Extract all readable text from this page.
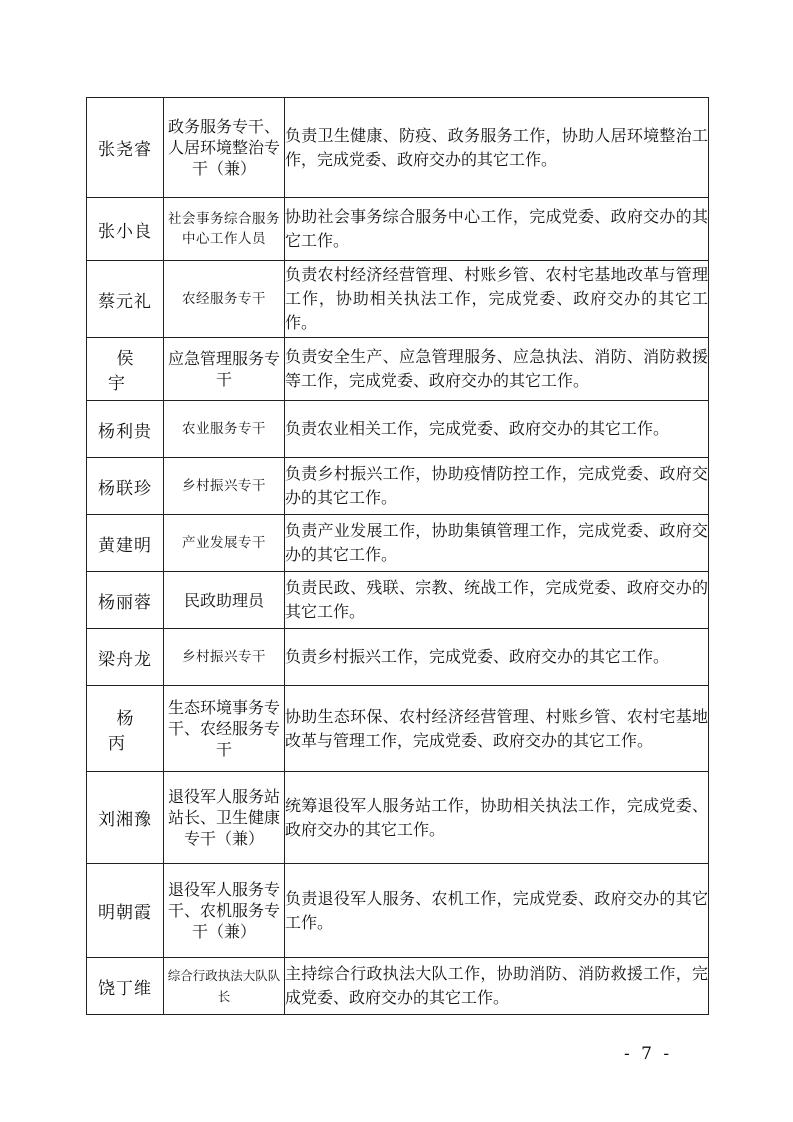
张尧睿	政务服务专干、人居环境整治专干（兼）	负责卫生健康、防疫、政务服务工作，协助人居环境整治工作，完成党委、政府交办的其它工作。
张小良	社会事务综合服务中心工作人员	协助社会事务综合服务中心工作，完成党委、政府交办的其它工作。
蔡元礼	农经服务专干	负责农村经济经营管理、村账乡管、农村宅基地改革与管理工作，协助相关执法工作，完成党委、政府交办的其它工作。
侯宇	应急管理服务专干	负责安全生产、应急管理服务、应急执法、消防、消防救援等工作，完成党委、政府交办的其它工作。
杨利贵	农业服务专干	负责农业相关工作，完成党委、政府交办的其它工作。
杨联珍	乡村振兴专干	负责乡村振兴工作，协助疫情防控工作，完成党委、政府交办的其它工作。
黄建明	产业发展专干	负责产业发展工作，协助集镇管理工作，完成党委、政府交办的其它工作。
杨丽蓉	民政助理员	负责民政、残联、宗教、统战工作，完成党委、政府交办的其它工作。
梁舟龙	乡村振兴专干	负责乡村振兴工作，完成党委、政府交办的其它工作。
杨丙	生态环境事务专干、农经服务专干	协助生态环保、农村经济经营管理、村账乡管、农村宅基地改革与管理工作，完成党委、政府交办的其它工作。
刘湘豫	退役军人服务站站长、卫生健康专干（兼）	统筹退役军人服务站工作，协助相关执法工作，完成党委、政府交办的其它工作。
明朝霞	退役军人服务专干、农机服务专干（兼）	负责退役军人服务、农机工作，完成党委、政府交办的其它工作。
饶丁维	综合行政执法大队队长	主持综合行政执法大队工作，协助消防、消防救援工作，完成党委、政府交办的其它工作。
- 7 -
